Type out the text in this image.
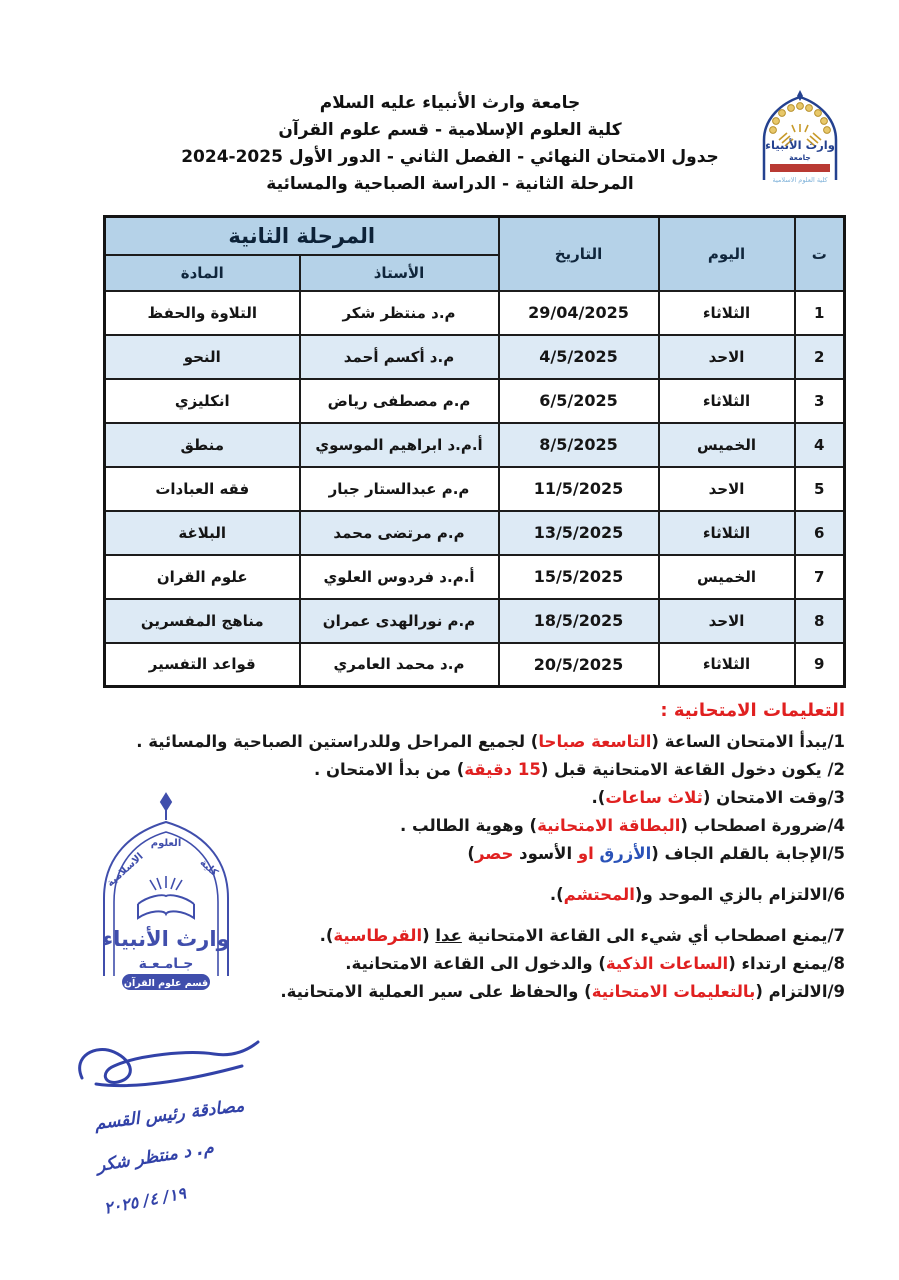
جامعة وارث الأنبياء عليه السلام
كلية العلوم الإسلامية - قسم علوم القرآن
جدول الامتحان النهائي - الفصل الثاني - الدور الأول 2025-2024
المرحلة الثانية - الدراسة الصباحية والمسائية
وارث الأنبياء
جامعة
كلية العلوم الاسلامية
ت	اليوم	التاريخ	المرحلة الثانية	
			الأستاذ	المادة
1	الثلاثاء	29/04/2025	م.د منتظر شكر	التلاوة والحفظ
2	الاحد	4/5/2025	م.د أكسم أحمد	النحو
3	الثلاثاء	6/5/2025	م.م مصطفى رياض	انكليزي
4	الخميس	8/5/2025	أ.م.د ابراهيم الموسوي	منطق
5	الاحد	11/5/2025	م.م عبدالستار جبار	فقه العبادات
6	الثلاثاء	13/5/2025	م.م مرتضى محمد	البلاغة
7	الخميس	15/5/2025	أ.م.د فردوس العلوي	علوم القران
8	الاحد	18/5/2025	م.م نورالهدى عمران	مناهج المفسرين
9	الثلاثاء	20/5/2025	م.د محمد العامري	قواعد التفسير
التعليمات الامتحانية :
1/يبدأ الامتحان الساعة (التاسعة صباحا) لجميع المراحل وللدراستين الصباحية والمسائية .
2/ يكون دخول القاعة الامتحانية قبل (15 دقيقة) من بدأ الامتحان .
3/وقت الامتحان (ثلاث ساعات).
4/ضرورة اصطحاب (البطاقة الامتحانية) وهوية الطالب .
5/الإجابة بالقلم الجاف (الأزرق او الأسود حصر)
6/الالتزام بالزي الموحد و(المحتشم).
7/يمنع اصطحاب أي شيء الى القاعة الامتحانية عدا (القرطاسية).
8/يمنع ارتداء (الساعات الذكية) والدخول الى القاعة الامتحانية.
9/الالتزام (بالتعليمات الامتحانية) والحفاظ على سير العملية الامتحانية.
كلية
العلوم
الاسلامية
وارث الأنبياء
جـامـعـة
قسم علوم القرآن
مصادقة رئيس القسم
م. د منتظر شكر
١٩/ ٤/ ٢٠٢٥
